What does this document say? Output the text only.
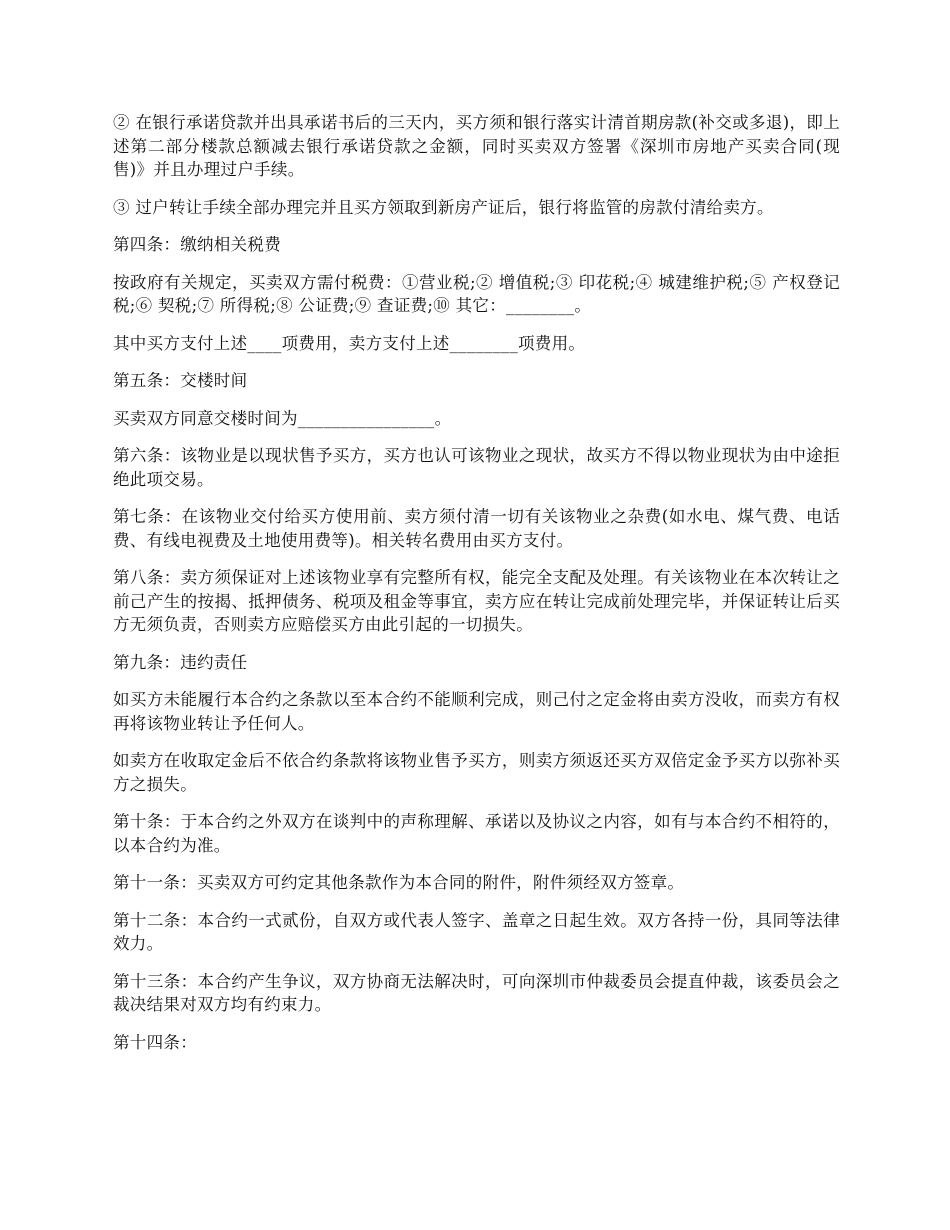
② 在银行承诺贷款并出具承诺书后的三天内，买方须和银行落实计清首期房款(补交或多退)，即上述第二部分楼款总额减去银行承诺贷款之金额，同时买卖双方签署《深圳市房地产买卖合同(现售)》并且办理过户手续。

③ 过户转让手续全部办理完并且买方领取到新房产证后，银行将监管的房款付清给卖方。

第四条：缴纳相关税费

按政府有关规定，买卖双方需付税费：①营业税;② 增值税;③ 印花税;④ 城建维护税;⑤ 产权登记税;⑥ 契税;⑦ 所得税;⑧ 公证费;⑨ 查证费;⑩ 其它：________。

其中买方支付上述____项费用，卖方支付上述________项费用。

第五条：交楼时间

买卖双方同意交楼时间为________________。

第六条：该物业是以现状售予买方，买方也认可该物业之现状，故买方不得以物业现状为由中途拒绝此项交易。

第七条：在该物业交付给买方使用前、卖方须付清一切有关该物业之杂费(如水电、煤气费、电话费、有线电视费及土地使用费等)。相关转名费用由买方支付。

第八条：卖方须保证对上述该物业享有完整所有权，能完全支配及处理。有关该物业在本次转让之前己产生的按揭、抵押债务、税项及租金等事宜，卖方应在转让完成前处理完毕，并保证转让后买方无须负责，否则卖方应赔偿买方由此引起的一切损失。

第九条：违约责任

如买方未能履行本合约之条款以至本合约不能顺利完成，则己付之定金将由卖方没收，而卖方有权再将该物业转让予任何人。

如卖方在收取定金后不依合约条款将该物业售予买方，则卖方须返还买方双倍定金予买方以弥补买方之损失。

第十条：于本合约之外双方在谈判中的声称理解、承诺以及协议之内容，如有与本合约不相符的，以本合约为准。

第十一条：买卖双方可约定其他条款作为本合同的附件，附件须经双方签章。

第十二条：本合约一式贰份，自双方或代表人签字、盖章之日起生效。双方各持一份，具同等法律效力。

第十三条：本合约产生争议，双方协商无法解决时，可向深圳市仲裁委员会提直仲裁，该委员会之裁决结果对双方均有约束力。

第十四条：
